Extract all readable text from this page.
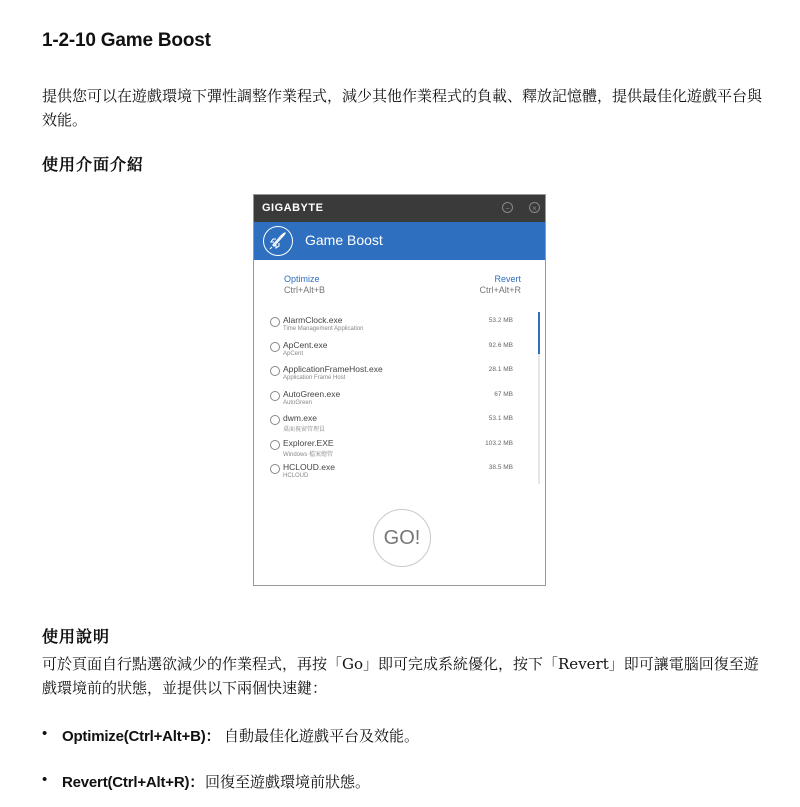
1-2-10 Game Boost
提供您可以在遊戲環境下彈性調整作業程式，減少其他作業程式的負載、釋放記憶體，提供最佳化遊戲平台與效能。
使用介面介紹
GIGABYTE	−	×
Game Boost
Optimize
Ctrl+Alt+B
Revert
Ctrl+Alt+R
AlarmClock.exe
Time Management Application
53.2 MB
ApCent.exe
ApCent
92.6 MB
ApplicationFrameHost.exe
Application Frame Host
28.1 MB
AutoGreen.exe
AutoGreen
67 MB
dwm.exe
桌面視窗管理員
53.1 MB
Explorer.EXE
Windows 檔案總管
103.2 MB
HCLOUD.exe
HCLOUD
38.5 MB
GO!
使用說明
可於頁面自行點選欲減少的作業程式，再按「Go」即可完成系統優化，按下「Revert」即可讓電腦回復至遊戲環境前的狀態，並提供以下兩個快速鍵：
• Optimize(Ctrl+Alt+B)： 自動最佳化遊戲平台及效能。
• Revert(Ctrl+Alt+R)： 回復至遊戲環境前狀態。
